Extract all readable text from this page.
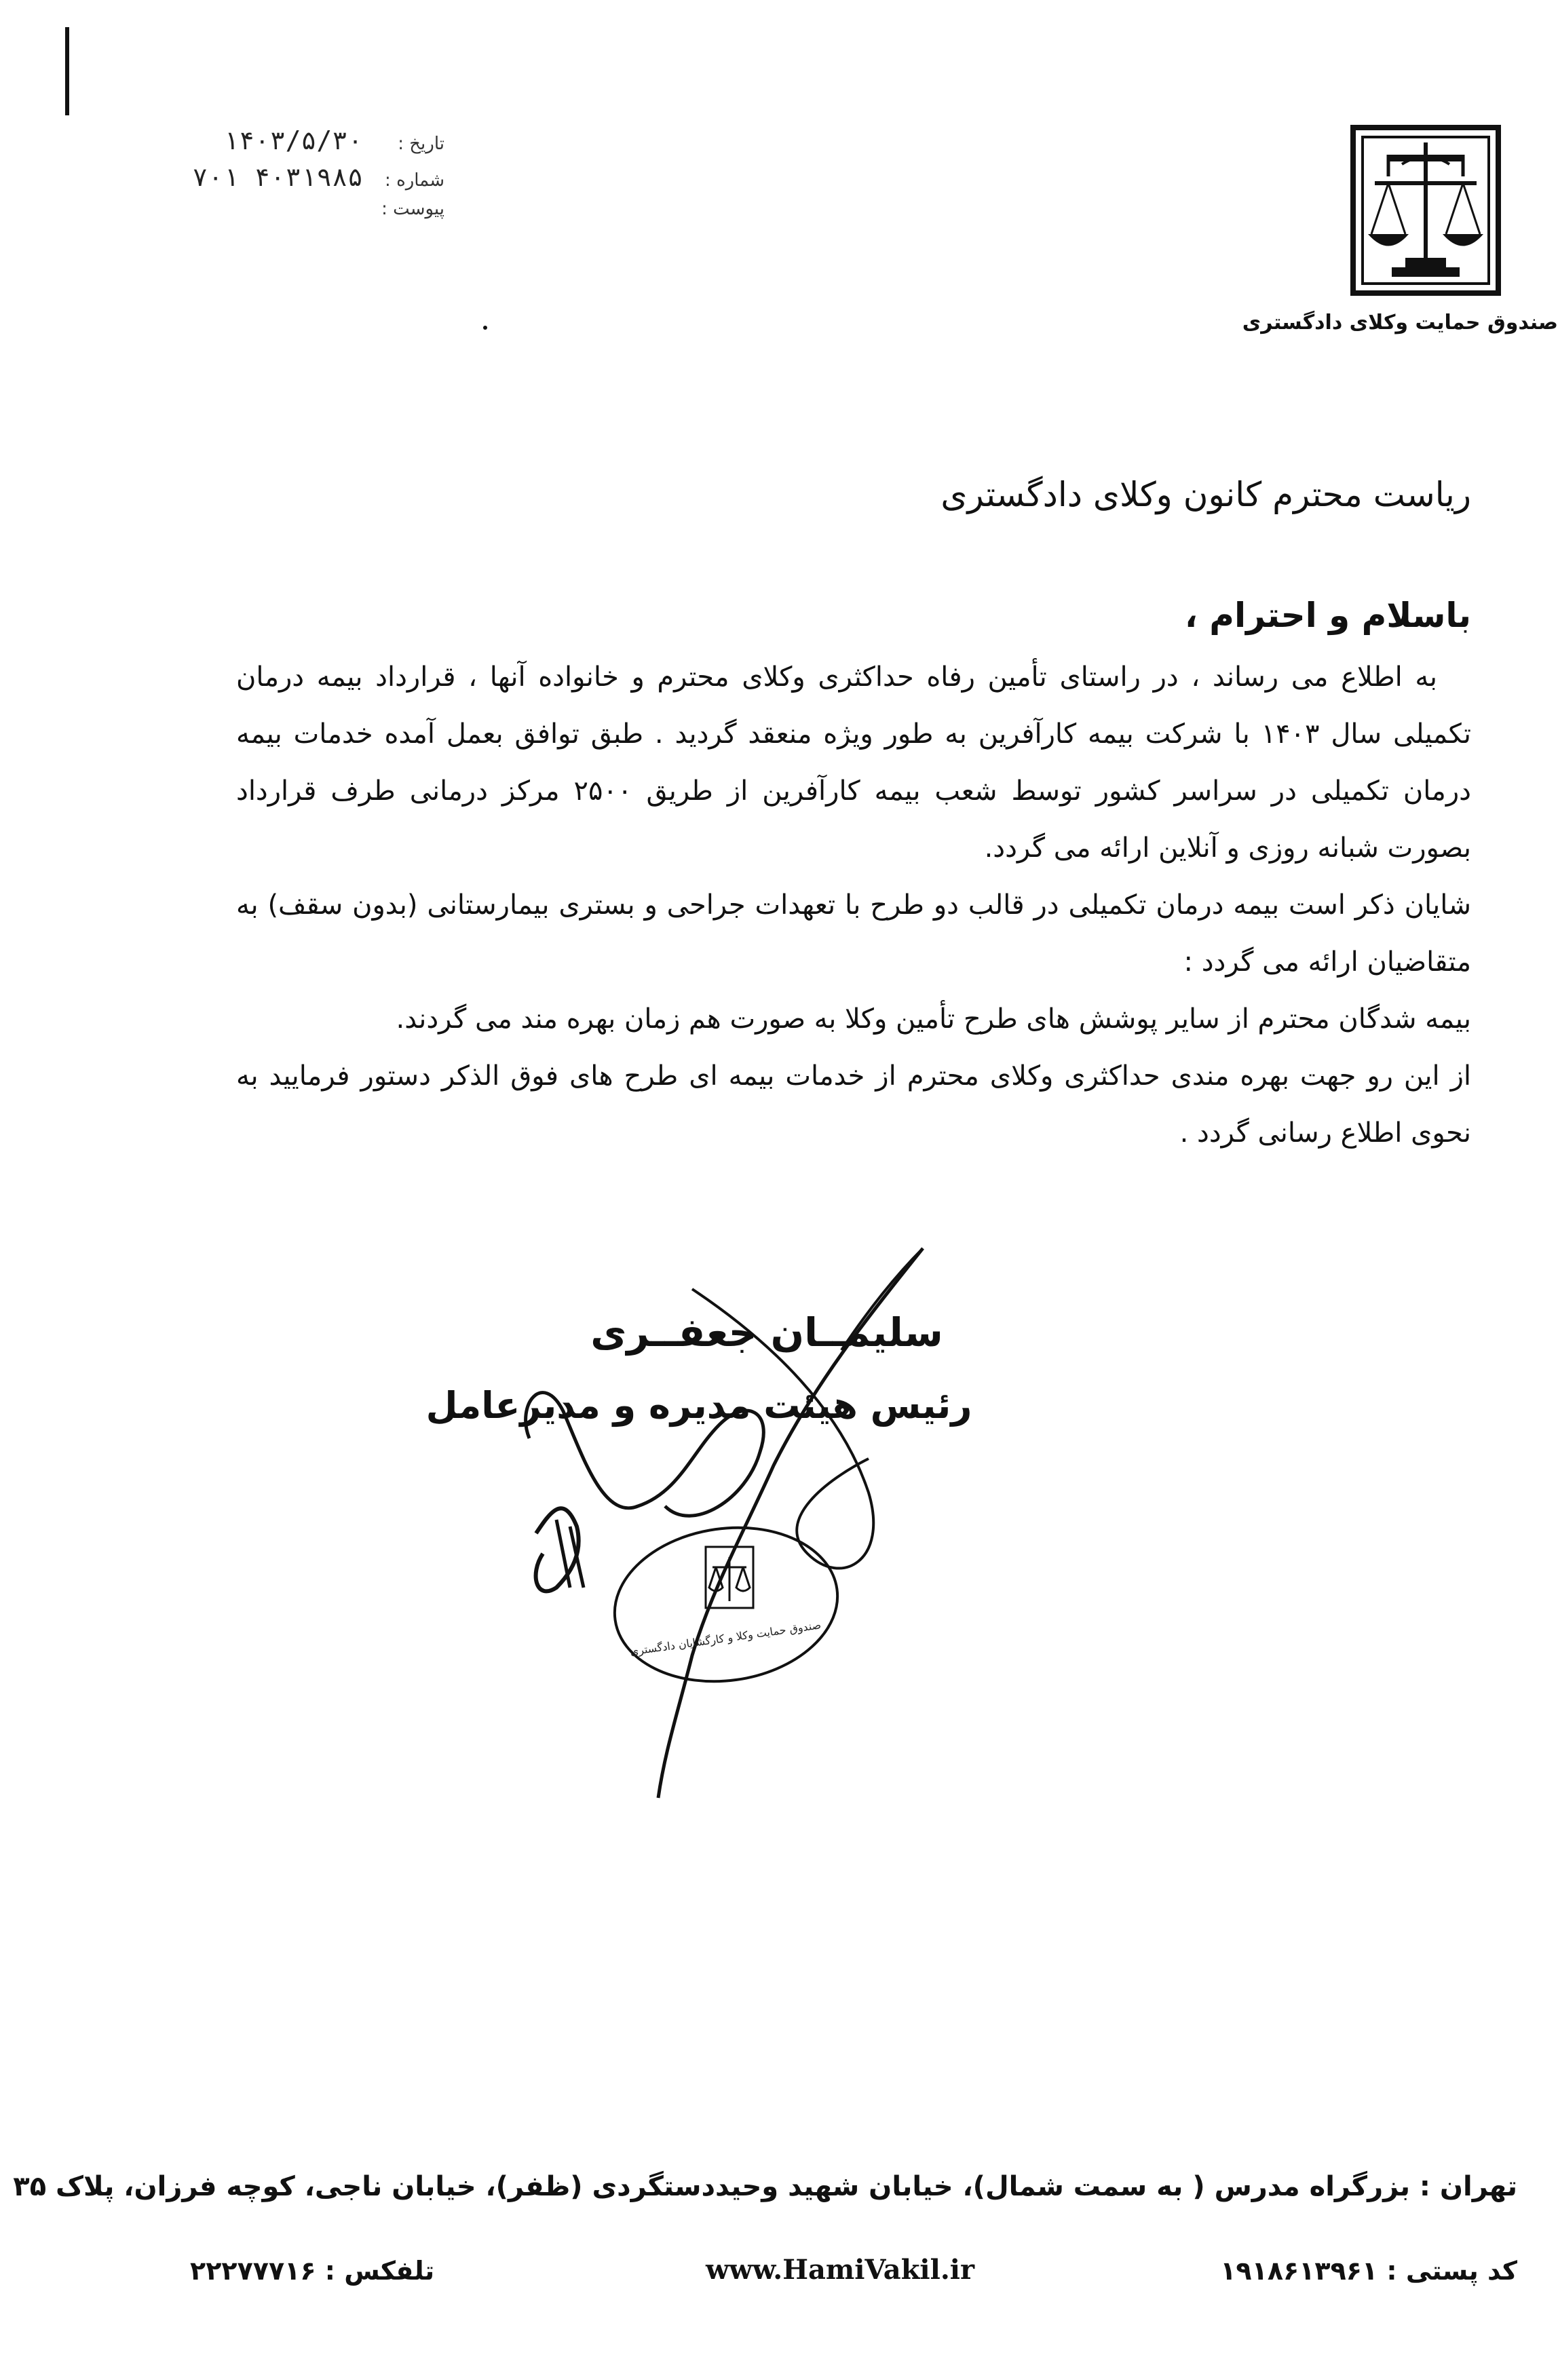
صندوق حمایت وکلای دادگستری
تاریخ :
۱۴۰۳/۵/۳۰
شماره :
۷۰۱ ۴۰۳۱۹۸۵
پیوست :

ریاست محترم کانون وکلای دادگستری

باسلام و احترام ،

به اطلاع می رساند ، در راستای تأمین رفاه حداکثری وکلای محترم و خانواده آنها ، قرارداد بیمه درمان تکمیلی سال ۱۴۰۳ با شرکت بیمه کارآفرین به طور ویژه منعقد گردید . طبق توافق بعمل آمده خدمات بیمه درمان تکمیلی در سراسر کشور توسط شعب بیمه کارآفرین از طریق ۲۵۰۰ مرکز درمانی طرف قرارداد بصورت شبانه روزی و آنلاین ارائه می گردد.

شایان ذکر است بیمه درمان تکمیلی در قالب دو طرح با تعهدات جراحی و بستری بیمارستانی (بدون سقف) به متقاضیان ارائه می گردد :

بیمه شدگان محترم از سایر پوشش های طرح تأمین وکلا به صورت هم زمان بهره مند می گردند.

از این رو جهت بهره مندی حداکثری وکلای محترم از خدمات بیمه ای طرح های فوق الذکر دستور فرمایید به نحوی اطلاع رسانی گردد .

سلیمــان جعفــری
رئیس هیئت مدیره و مدیرعامل
صندوق حمایت وکلا و کارگشایان دادگستری
تهران : بزرگراه مدرس ( به سمت شمال)، خیابان شهید وحیددستگردی (ظفر)، خیابان ناجی، کوچه فرزان، پلاک ۳۵
کد پستی : ۱۹۱۸۶۱۳۹۶۱
www.HamiVakil.ir
تلفکس : ۲۲۲۷۷۷۱۶
